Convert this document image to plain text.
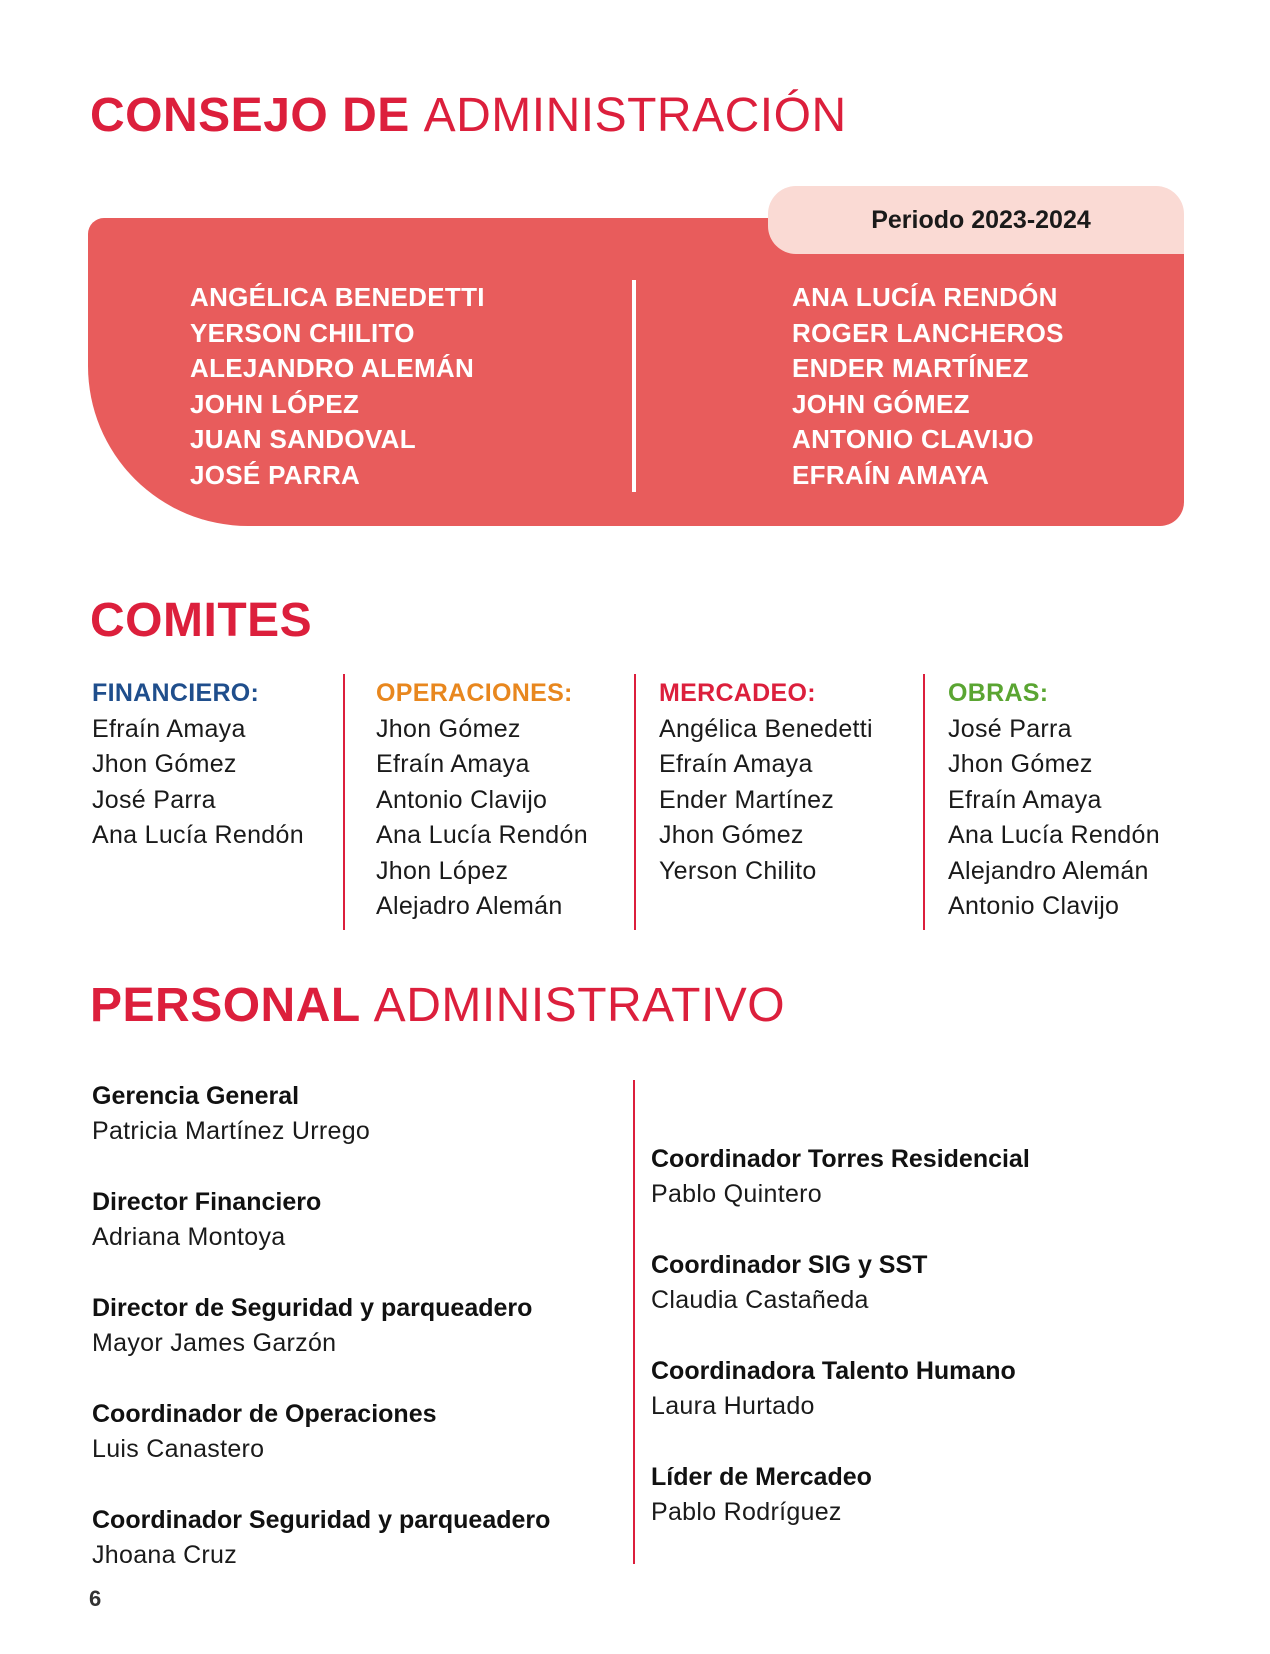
CONSEJO DE ADMINISTRACIÓN
ANGÉLICA BENEDETTI
YERSON CHILITO
ALEJANDRO ALEMÁN
JOHN LÓPEZ
JUAN SANDOVAL
JOSÉ PARRA
ANA LUCÍA RENDÓN
ROGER LANCHEROS
ENDER MARTÍNEZ
JOHN GÓMEZ
ANTONIO CLAVIJO
EFRAÍN AMAYA
Periodo 2023-2024
COMITES
FINANCIERO:
Efraín Amaya
Jhon Gómez
José Parra
Ana Lucía Rendón
OPERACIONES:
Jhon Gómez
Efraín Amaya
Antonio Clavijo
Ana Lucía Rendón
Jhon López
Alejadro Alemán
MERCADEO:
Angélica Benedetti
Efraín Amaya
Ender Martínez
Jhon Gómez
Yerson Chilito
OBRAS:
José Parra
Jhon Gómez
Efraín Amaya
Ana Lucía Rendón
Alejandro Alemán
Antonio Clavijo
PERSONAL ADMINISTRATIVO
Gerencia General
Patricia Martínez Urrego
Director Financiero
Adriana Montoya
Director de Seguridad y parqueadero
Mayor James Garzón
Coordinador de Operaciones
Luis Canastero
Coordinador Seguridad y parqueadero
Jhoana Cruz
Coordinador Torres Residencial
Pablo Quintero
Coordinador SIG y SST
Claudia Castañeda
Coordinadora Talento Humano
Laura Hurtado
Líder de Mercadeo
Pablo Rodríguez
6
